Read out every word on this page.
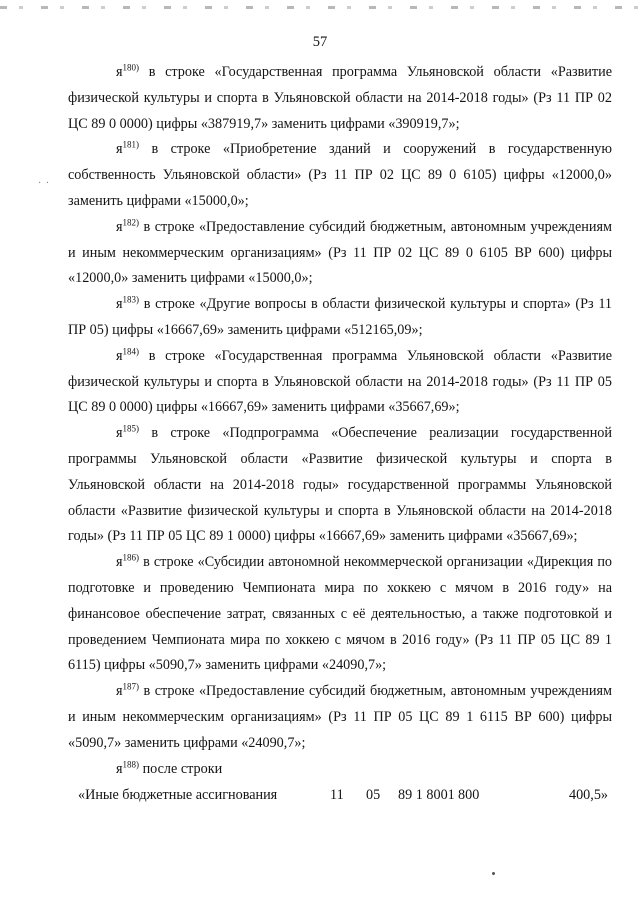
· ·
57

$я^{180)}$ в строке «Государственная программа Ульяновской области «Развитие физической культуры и спорта в Ульяновской области на 2014-2018 годы» (Рз 11 ПР 02 ЦС 89 0 0000) цифры «387919,7» заменить цифрами «390919,7»;

$я^{181)}$ в строке «Приобретение зданий и сооружений в государственную собственность Ульяновской области» (Рз 11 ПР 02 ЦС 89 0 6105) цифры «12000,0» заменить цифрами «15000,0»;

$я^{182)}$ в строке «Предоставление субсидий бюджетным, автономным учреждениям и иным некоммерческим организациям» (Рз 11 ПР 02 ЦС 89 0 6105 ВР 600) цифры «12000,0» заменить цифрами «15000,0»;

$я^{183)}$ в строке «Другие вопросы в области физической культуры и спорта» (Рз 11 ПР 05) цифры «16667,69» заменить цифрами «512165,09»;

$я^{184)}$ в строке «Государственная программа Ульяновской области «Развитие физической культуры и спорта в Ульяновской области на 2014-2018 годы» (Рз 11 ПР 05 ЦС 89 0 0000) цифры «16667,69» заменить цифрами «35667,69»;

$я^{185)}$ в строке «Подпрограмма «Обеспечение реализации государственной программы Ульяновской области «Развитие физической культуры и спорта в Ульяновской области на 2014-2018 годы» государственной программы Ульяновской области «Развитие физической культуры и спорта в Ульяновской области на 2014-2018 годы» (Рз 11 ПР 05 ЦС 89 1 0000) цифры «16667,69» заменить цифрами «35667,69»;

$я^{186)}$ в строке «Субсидии автономной некоммерческой организации «Дирекция по подготовке и проведению Чемпионата мира по хоккею с мячом в 2016 году» на финансовое обеспечение затрат, связанных с её деятельностью, а также подготовкой и проведением Чемпионата мира по хоккею с мячом в 2016 году» (Рз 11 ПР 05 ЦС 89 1 6115) цифры «5090,7» заменить цифрами «24090,7»;

$я^{187)}$ в строке «Предоставление субсидий бюджетным, автономным учреждениям и иным некоммерческим организациям» (Рз 11 ПР 05 ЦС 89 1 6115 ВР 600) цифры «5090,7» заменить цифрами «24090,7»;

$я^{188)}$ после строки

«Иные бюджетные ассигнования	11 05 89 1 8001 800	400,5»
